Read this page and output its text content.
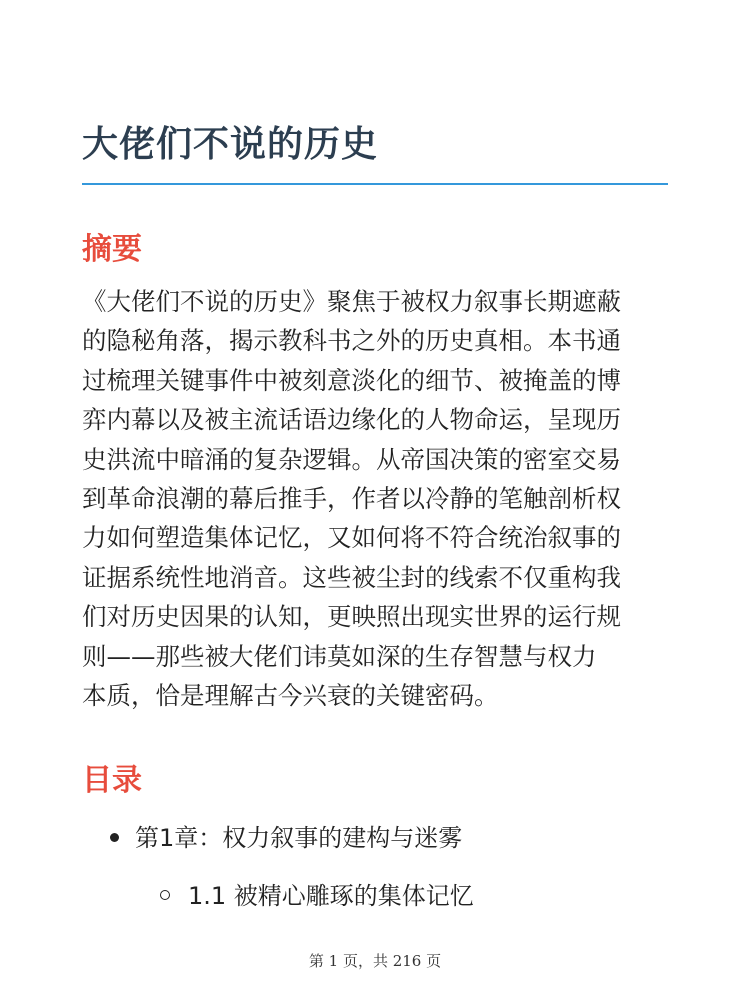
大佬们不说的历史
摘要
《大佬们不说的历史》聚焦于被权力叙事长期遮蔽
的隐秘角落，揭示教科书之外的历史真相。本书通
过梳理关键事件中被刻意淡化的细节、被掩盖的博
弈内幕以及被主流话语边缘化的人物命运，呈现历
史洪流中暗涌的复杂逻辑。从帝国决策的密室交易
到革命浪潮的幕后推手，作者以冷静的笔触剖析权
力如何塑造集体记忆，又如何将不符合统治叙事的
证据系统性地消音。这些被尘封的线索不仅重构我
们对历史因果的认知，更映照出现实世界的运行规
则——那些被大佬们讳莫如深的生存智慧与权力
本质，恰是理解古今兴衰的关键密码。
目录
第1章：权力叙事的建构与迷雾
1.1 被精心雕琢的集体记忆
第 1 页，共 216 页
